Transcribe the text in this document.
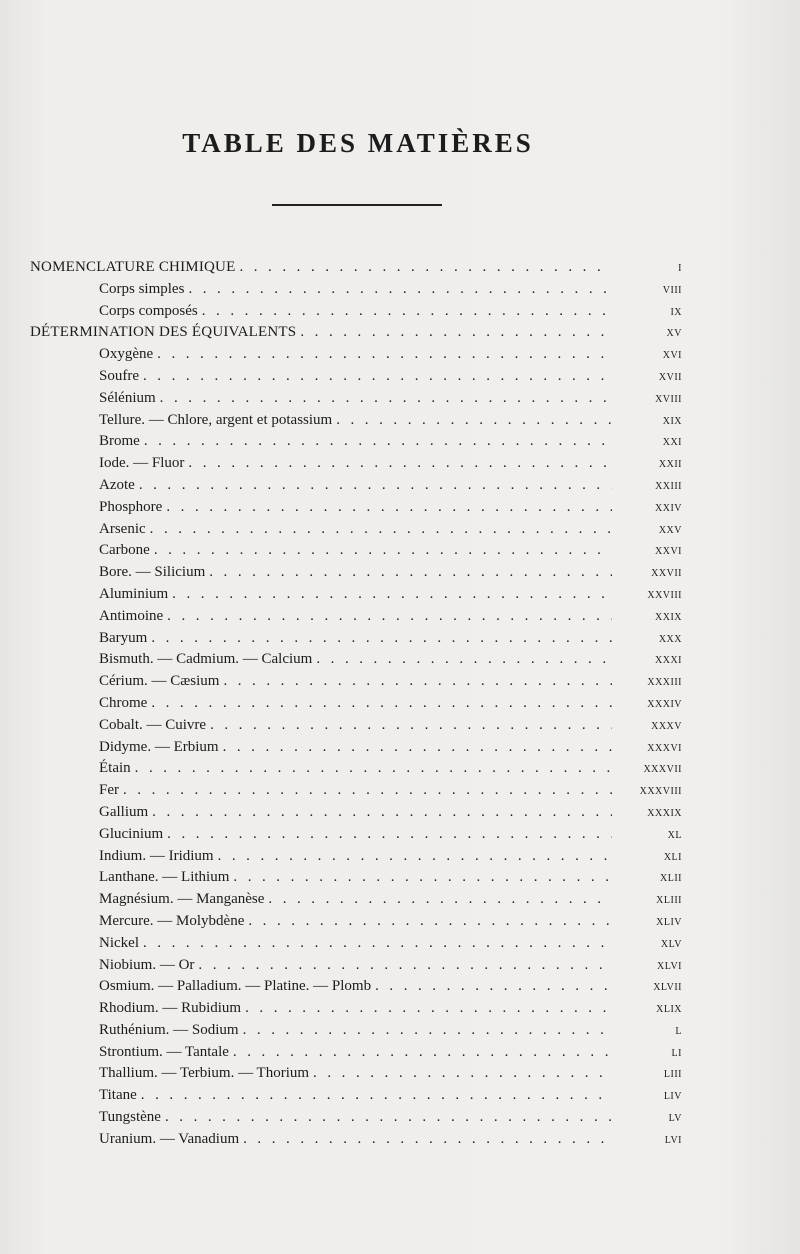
TABLE DES MATIÈRES
NOMENCLATURE CHIMIQUE . . .	I
Corps simples . . .	VIII
Corps composés . . .	IX
DÉTERMINATION DES ÉQUIVALENTS . . .	XV
Oxygène . . .	XVI
Soufre . . .	XVII
Sélénium . . .	XVIII
Tellure. — Chlore, argent et potassium . . .	XIX
Brome . . .	XXI
Iode. — Fluor . . .	XXII
Azote . . .	XXIII
Phosphore . . .	XXIV
Arsenic . . .	XXV
Carbone . . .	XXVI
Bore. — Silicium . . .	XXVII
Aluminium . . .	XXVIII
Antimoine . . .	XXIX
Baryum . . .	XXX
Bismuth. — Cadmium. — Calcium . . .	XXXI
Cérium. — Cæsium . . .	XXXIII
Chrome . . .	XXXIV
Cobalt. — Cuivre . . .	XXXV
Didyme. — Erbium . . .	XXXVI
Étain . . .	XXXVII
Fer . . .	XXXVIII
Gallium . . .	XXXIX
Glucinium . . .	XL
Indium. — Iridium . . .	XLI
Lanthane. — Lithium . . .	XLII
Magnésium. — Manganèse . . .	XLIII
Mercure. — Molybdène . . .	XLIV
Nickel . . .	XLV
Niobium. — Or . . .	XLVI
Osmium. — Palladium. — Platine. — Plomb . . .	XLVII
Rhodium. — Rubidium . . .	XLIX
Ruthénium. — Sodium . . .	L
Strontium. — Tantale . . .	LI
Thallium. — Terbium. — Thorium . . .	LIII
Titane . . .	LIV
Tungstène . . .	LV
Uranium. — Vanadium . . .	LVI
